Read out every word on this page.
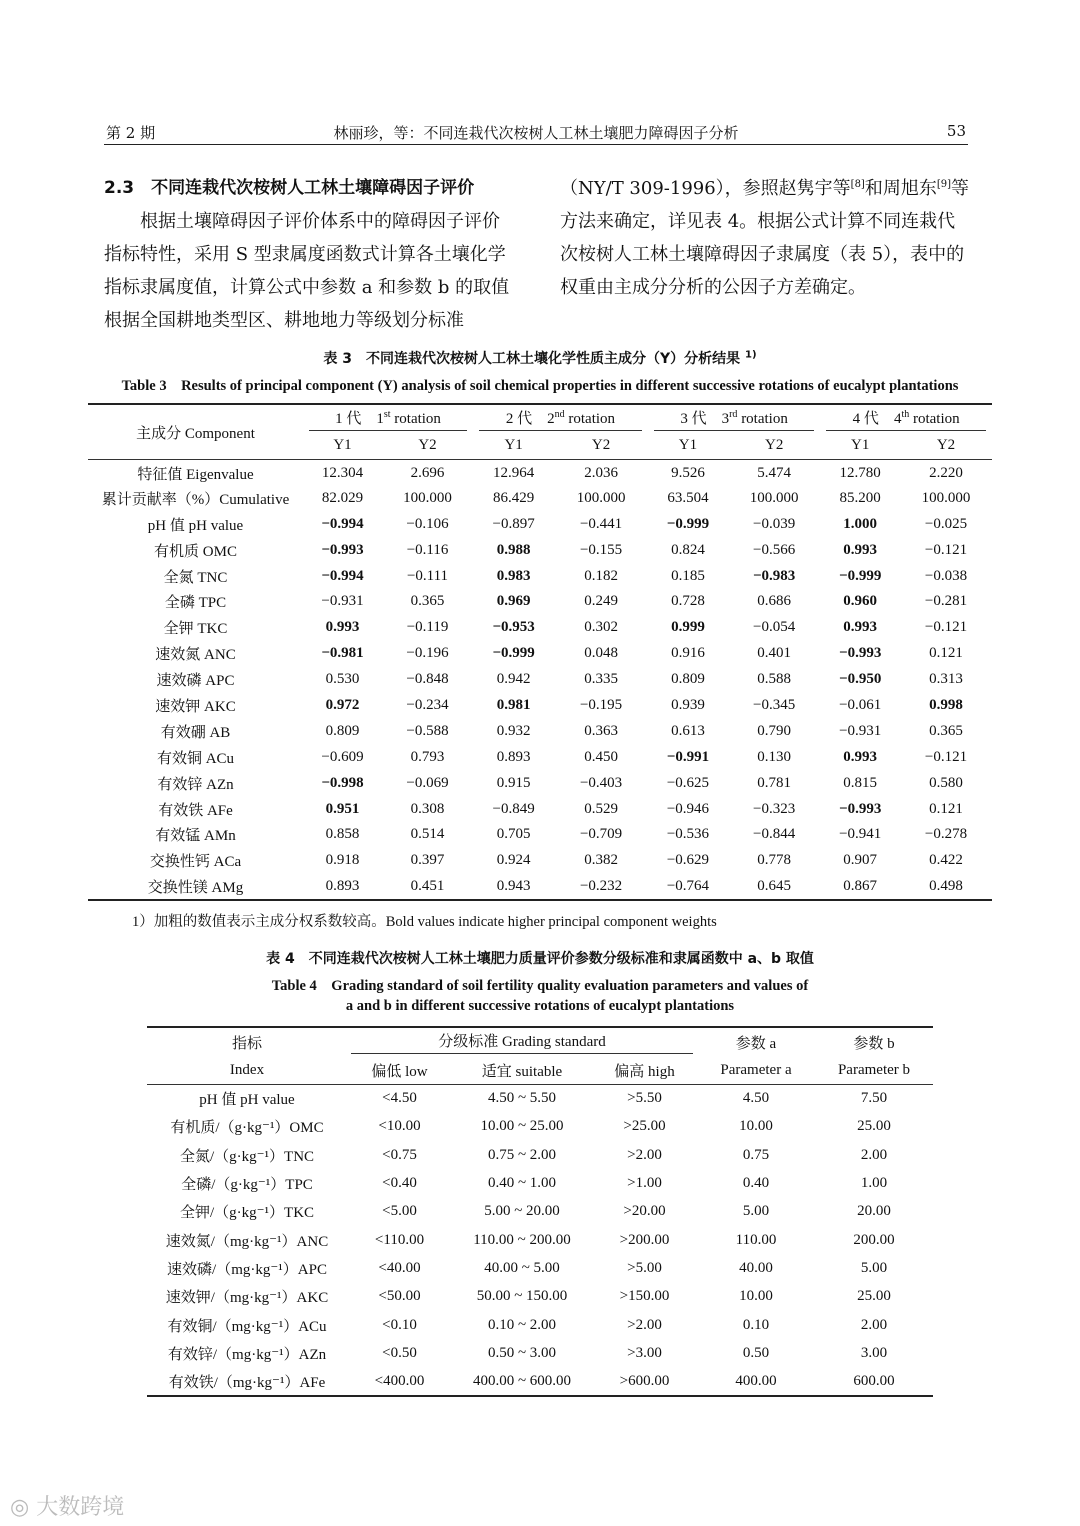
第 2 期	林丽珍，等：不同连栽代次桉树人工林土壤肥力障碍因子分析	53
2.3　不同连栽代次桉树人工林土壤障碍因子评价

根据土壤障碍因子评价体系中的障碍因子评价指标特性，采用 S 型隶属度函数式计算各土壤化学指标隶属度值，计算公式中参数 a 和参数 b 的取值根据全国耕地类型区、耕地地力等级划分标准

（NY/T 309-1996），参照赵隽宇等[8]和周旭东[9]等方法来确定，详见表 4。根据公式计算不同连栽代次桉树人工林土壤障碍因子隶属度（表 5），表中的权重由主成分分析的公因子方差确定。

表 3　不同连栽代次桉树人工林土壤化学性质主成分（Y）分析结果 $^{1)}$
Table 3　Results of principal component (Y) analysis of soil chemical properties in different successive rotations of eucalypt plantations
主成分 Component	1 代  1st rotation		2 代  2nd rotation		3 代  3rd rotation		4 代  4th rotation	

	Y1	Y2	Y1	Y2	Y1	Y2	Y1	Y2
特征值 Eigenvalue	12.304	2.696	12.964	2.036	9.526	5.474	12.780	2.220
累计贡献率（%）Cumulative	82.029	100.000	86.429	100.000	63.504	100.000	85.200	100.000
pH 值 pH value	−0.994	−0.106	−0.897	−0.441	−0.999	−0.039	1.000	−0.025
有机质 OMC	−0.993	−0.116	0.988	−0.155	0.824	−0.566	0.993	−0.121
全氮 TNC	−0.994	−0.111	0.983	0.182	0.185	−0.983	−0.999	−0.038
全磷 TPC	−0.931	0.365	0.969	0.249	0.728	0.686	0.960	−0.281
全钾 TKC	0.993	−0.119	−0.953	0.302	0.999	−0.054	0.993	−0.121
速效氮 ANC	−0.981	−0.196	−0.999	0.048	0.916	0.401	−0.993	0.121
速效磷 APC	0.530	−0.848	0.942	0.335	0.809	0.588	−0.950	0.313
速效钾 AKC	0.972	−0.234	0.981	−0.195	0.939	−0.345	−0.061	0.998
有效硼 AB	0.809	−0.588	0.932	0.363	0.613	0.790	−0.931	0.365
有效铜 ACu	−0.609	0.793	0.893	0.450	−0.991	0.130	0.993	−0.121
有效锌 AZn	−0.998	−0.069	0.915	−0.403	−0.625	0.781	0.815	0.580
有效铁 AFe	0.951	0.308	−0.849	0.529	−0.946	−0.323	−0.993	0.121
有效锰 AMn	0.858	0.514	0.705	−0.709	−0.536	−0.844	−0.941	−0.278
交换性钙 ACa	0.918	0.397	0.924	0.382	−0.629	0.778	0.907	0.422
交换性镁 AMg	0.893	0.451	0.943	−0.232	−0.764	0.645	0.867	0.498
1）加粗的数值表示主成分权系数较高。Bold values indicate higher principal component weights
表 4　不同连栽代次桉树人工林土壤肥力质量评价参数分级标准和隶属函数中 a、b 取值
Table 4　Grading standard of soil fertility quality evaluation parameters and values of
a and b in different successive rotations of eucalypt plantations
指标	分级标准 Grading standard			参数 a	参数 b
Index	偏低 low	适宜 suitable	偏高 high	Parameter a	Parameter b
pH 值 pH value	<4.50	4.50 ~ 5.50	>5.50	4.50	7.50
有机质/（g·kg⁻¹）OMC	<10.00	10.00 ~ 25.00	>25.00	10.00	25.00
全氮/（g·kg⁻¹）TNC	<0.75	0.75 ~ 2.00	>2.00	0.75	2.00
全磷/（g·kg⁻¹）TPC	<0.40	0.40 ~ 1.00	>1.00	0.40	1.00
全钾/（g·kg⁻¹）TKC	<5.00	5.00 ~ 20.00	>20.00	5.00	20.00
速效氮/（mg·kg⁻¹）ANC	<110.00	110.00 ~ 200.00	>200.00	110.00	200.00
速效磷/（mg·kg⁻¹）APC	<40.00	40.00 ~ 5.00	>5.00	40.00	5.00
速效钾/（mg·kg⁻¹）AKC	<50.00	50.00 ~ 150.00	>150.00	10.00	25.00
有效铜/（mg·kg⁻¹）ACu	<0.10	0.10 ~ 2.00	>2.00	0.10	2.00
有效锌/（mg·kg⁻¹）AZn	<0.50	0.50 ~ 3.00	>3.00	0.50	3.00
有效铁/（mg·kg⁻¹）AFe	<400.00	400.00 ~ 600.00	>600.00	400.00	600.00
◎ 大数跨境
